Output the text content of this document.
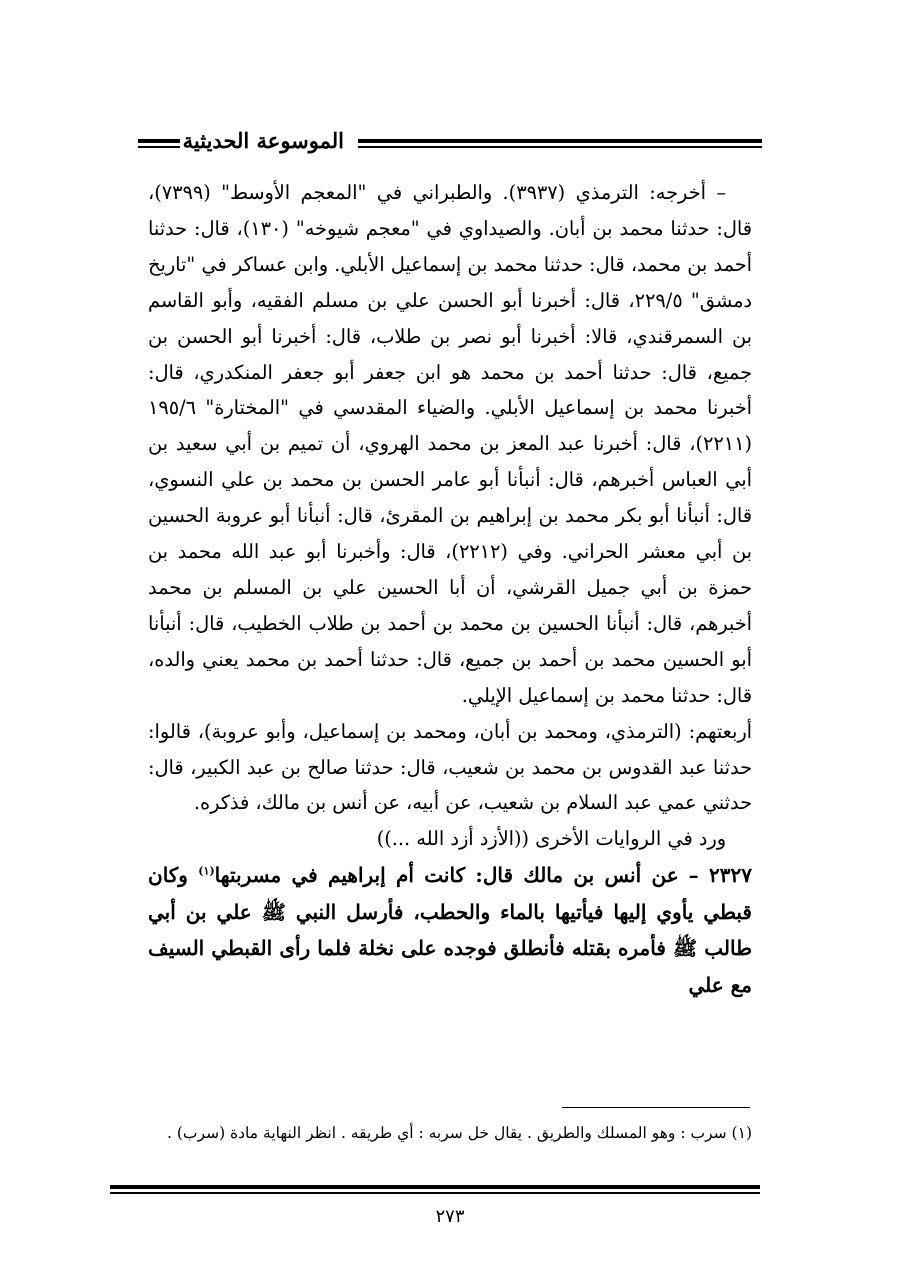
الموسوعة الحديثية

– أخرجه: الترمذي (٣٩٣٧). والطبراني في "المعجم الأوسط" (٧٣٩٩)، قال: حدثنا محمد بن أبان. والصيداوي في "معجم شيوخه" (١٣٠)، قال: حدثنا أحمد بن محمد، قال: حدثنا محمد بن إسماعيل الأبلي. وابن عساكر في "تاريخ دمشق" ٢٢٩/٥، قال: أخبرنا أبو الحسن علي بن مسلم الفقيه، وأبو القاسم بن السمرقندي، قالا: أخبرنا أبو نصر بن طلاب، قال: أخبرنا أبو الحسن بن جميع، قال: حدثنا أحمد بن محمد هو ابن جعفر أبو جعفر المنكدري، قال: أخبرنا محمد بن إسماعيل الأبلي. والضياء المقدسي في "المختارة" ١٩٥/٦ (٢٢١١)، قال: أخبرنا عبد المعز بن محمد الهروي، أن تميم بن أبي سعيد بن أبي العباس أخبرهم، قال: أنبأنا أبو عامر الحسن بن محمد بن علي النسوي، قال: أنبأنا أبو بكر محمد بن إبراهيم بن المقرئ، قال: أنبأنا أبو عروبة الحسين بن أبي معشر الحراني. وفي (٢٢١٢)، قال: وأخبرنا أبو عبد الله محمد بن حمزة بن أبي جميل القرشي، أن أبا الحسين علي بن المسلم بن محمد أخبرهم، قال: أنبأنا الحسين بن محمد بن أحمد بن طلاب الخطيب، قال: أنبأنا أبو الحسين محمد بن أحمد بن جميع، قال: حدثنا أحمد بن محمد يعني والده، قال: حدثنا محمد بن إسماعيل الإيلي.

أربعتهم: (الترمذي، ومحمد بن أبان، ومحمد بن إسماعيل، وأبو عروبة)، قالوا: حدثنا عبد القدوس بن محمد بن شعيب، قال: حدثنا صالح بن عبد الكبير، قال: حدثني عمي عبد السلام بن شعيب، عن أبيه، عن أنس بن مالك، فذكره.

ورد في الروايات الأخرى ((الأزد أزد الله ...))

٢٣٢٧ –عن أنس بن مالك قال: كانت أم إبراهيم في مسربتها$^{(١)}$ وكان قبطي يأوي إليها فيأتيها بالماء والحطب، فأرسل النبي ﷺ علي بن أبي طالب ﷺ فأمره بقتله فأنطلق فوجده على نخلة فلما رأى القبطي السيف مع علي

(١) سرب : وهو المسلك والطريق . يقال خل سربه : أي طريقه . انظر النهاية مادة (سرب) .

٢٧٣
